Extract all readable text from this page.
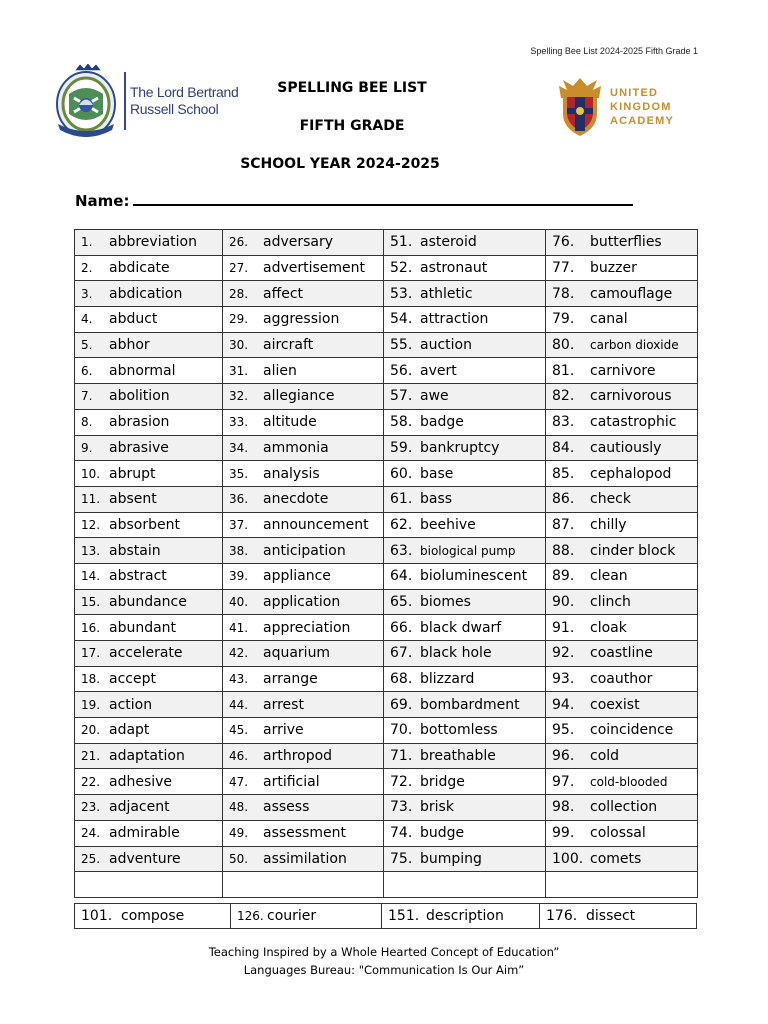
Spelling Bee List 2024-2025 Fifth Grade 1
The Lord Bertrand Russell School
UNITED
KINGDOM
ACADEMY
SPELLING BEE LIST
FIFTH GRADE
SCHOOL YEAR 2024-2025
Name:
1. abbreviation	26. adversary	51. asteroid	76. butterflies
2. abdicate	27. advertisement	52. astronaut	77. buzzer
3. abdication	28. affect	53. athletic	78. camouflage
4. abduct	29. aggression	54. attraction	79. canal
5. abhor	30. aircraft	55. auction	80. carbon dioxide
6. abnormal	31. alien	56. avert	81. carnivore
7. abolition	32. allegiance	57. awe	82. carnivorous
8. abrasion	33. altitude	58. badge	83. catastrophic
9. abrasive	34. ammonia	59. bankruptcy	84. cautiously
10. abrupt	35. analysis	60. base	85. cephalopod
11. absent	36. anecdote	61. bass	86. check
12. absorbent	37. announcement	62. beehive	87. chilly
13. abstain	38. anticipation	63. biological pump	88. cinder block
14. abstract	39. appliance	64. bioluminescent	89. clean
15. abundance	40. application	65. biomes	90. clinch
16. abundant	41. appreciation	66. black dwarf	91. cloak
17. accelerate	42. aquarium	67. black hole	92. coastline
18. accept	43. arrange	68. blizzard	93. coauthor
19. action	44. arrest	69. bombardment	94. coexist
20. adapt	45. arrive	70. bottomless	95. coincidence
21. adaptation	46. arthropod	71. breathable	96. cold
22. adhesive	47. artificial	72. bridge	97. cold-blooded
23. adjacent	48. assess	73. brisk	98. collection
24. admirable	49. assessment	74. budge	99. colossal
25. adventure	50. assimilation	75. bumping	100. comets

101. compose	126. courier	151. description	176. dissect
Teaching Inspired by a Whole Hearted Concept of Education”
Languages Bureau: "Communication Is Our Aim”
